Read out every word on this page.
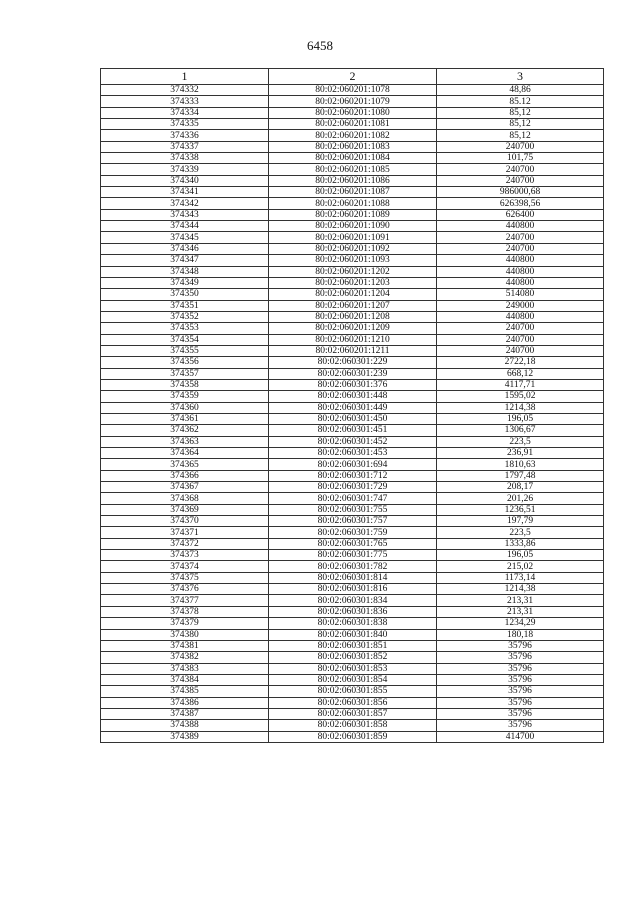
6458
1	2	3
374332	80:02:060201:1078	48,86
374333	80:02:060201:1079	85.12
374334	80:02:060201:1080	85,12
374335	80:02:060201:1081	85,12
374336	80:02:060201:1082	85,12
374337	80:02:060201:1083	240700
374338	80:02:060201:1084	101,75
374339	80:02:060201:1085	240700
374340	80:02:060201:1086	240700
374341	80:02:060201:1087	986000,68
374342	80:02:060201:1088	626398,56
374343	80:02:060201:1089	626400
374344	80:02:060201:1090	440800
374345	80:02:060201:1091	240700
374346	80:02:060201:1092	240700
374347	80:02:060201:1093	440800
374348	80:02:060201:1202	440800
374349	80:02:060201:1203	440800
374350	80:02:060201:1204	514080
374351	80:02:060201:1207	249000
374352	80:02:060201:1208	440800
374353	80:02:060201:1209	240700
374354	80:02:060201:1210	240700
374355	80:02:060201:1211	240700
374356	80:02:060301:229	2722,18
374357	80:02:060301:239	668,12
374358	80:02:060301:376	4117,71
374359	80:02:060301:448	1595,02
374360	80:02:060301:449	1214,38
374361	80:02:060301:450	196,05
374362	80:02:060301:451	1306,67
374363	80:02:060301:452	223,5
374364	80:02:060301:453	236,91
374365	80:02:060301:694	1810,63
374366	80:02:060301:712	1797,48
374367	80:02:060301:729	208,17
374368	80:02:060301:747	201,26
374369	80:02:060301:755	1236,51
374370	80:02:060301:757	197,79
374371	80:02:060301:759	223,5
374372	80:02:060301:765	1333,86
374373	80:02:060301:775	196,05
374374	80:02:060301:782	215,02
374375	80:02:060301:814	1173,14
374376	80:02:060301:816	1214,38
374377	80:02:060301:834	213,31
374378	80:02:060301:836	213,31
374379	80:02:060301:838	1234,29
374380	80:02:060301:840	180,18
374381	80:02:060301:851	35796
374382	80:02:060301:852	35796
374383	80:02:060301:853	35796
374384	80:02:060301:854	35796
374385	80:02:060301:855	35796
374386	80:02:060301:856	35796
374387	80:02:060301:857	35796
374388	80:02:060301:858	35796
374389	80:02:060301:859	414700
